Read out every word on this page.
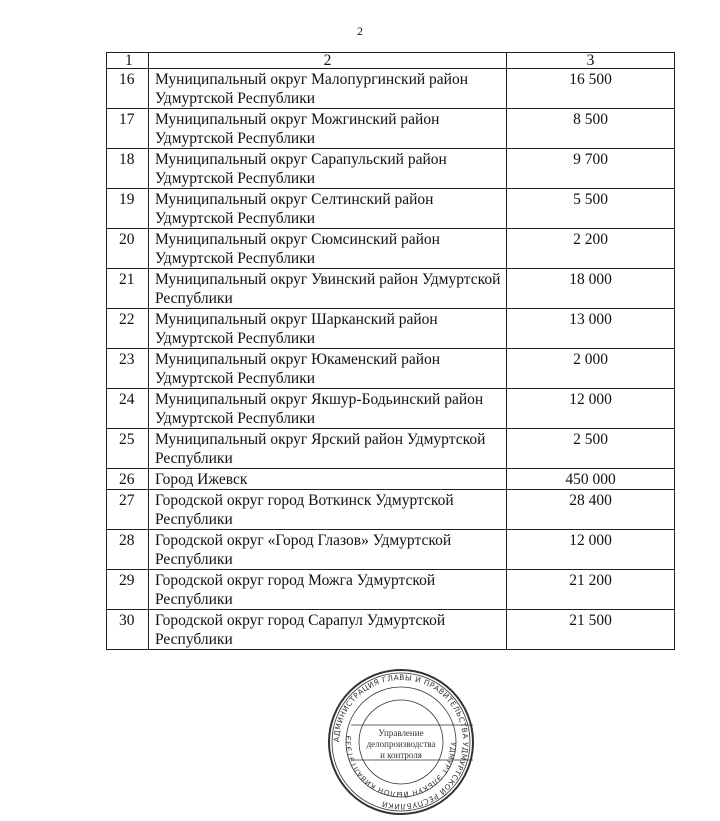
2
1	2	3
16	Муниципальный округ Малопургинский район Удмуртской Республики	16 500
17	Муниципальный округ Можгинский район Удмуртской Республики	8 500
18	Муниципальный округ Сарапульский район Удмуртской Республики	9 700
19	Муниципальный округ Селтинский район Удмуртской Республики	5 500
20	Муниципальный округ Сюмсинский район Удмуртской Республики	2 200
21	Муниципальный округ Увинский район Удмуртской Республики	18 000
22	Муниципальный округ Шарканский район Удмуртской Республики	13 000
23	Муниципальный округ Юкаменский район Удмуртской Республики	2 000
24	Муниципальный округ Якшур-Бодьинский район Удмуртской Республики	12 000
25	Муниципальный округ Ярский район Удмуртской Республики	2 500
26	Город Ижевск	450 000
27	Городской округ город Воткинск Удмуртской Республики	28 400
28	Городской округ «Город Глазов» Удмуртской Республики	12 000
29	Городской округ город Можга Удмуртской Республики	21 200
30	Городской округ город Сарапул Удмуртской Республики	21 500
АДМИНИСТРАЦИЯ ГЛАВЫ И ПРАВИТЕЛЬСТВА УДМУРТСКОЙ РЕСПУБЛИКИ
УДМУРТ ЭЛЬКУН ЙЫЛОН КИВАЛТЭТЭЗЭ	Управление
делопроизводства
и контроля
